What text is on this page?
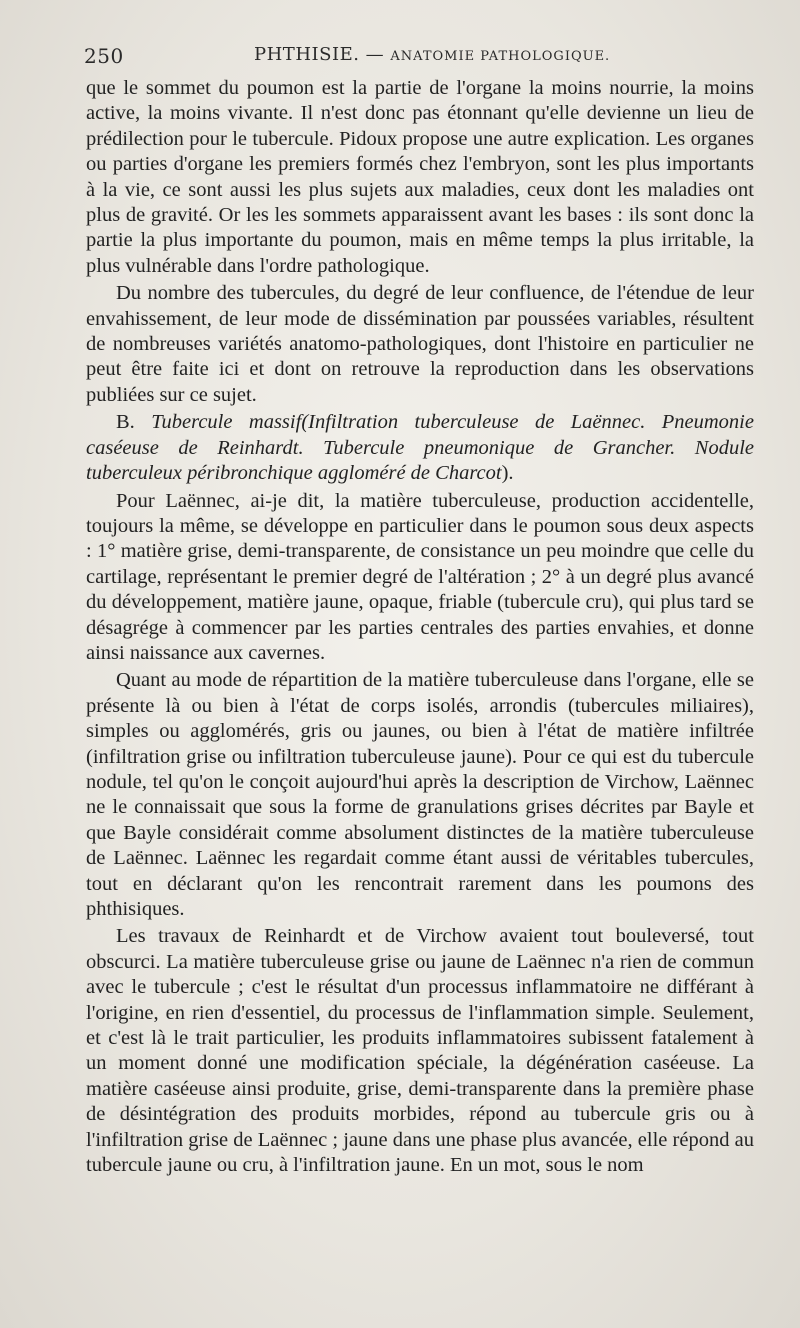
250	PHTHISIE. — ANATOMIE PATHOLOGIQUE.

que le sommet du poumon est la partie de l'organe la moins nourrie, la moins active, la moins vivante. Il n'est donc pas étonnant qu'elle devienne un lieu de prédilection pour le tubercule. Pidoux propose une autre explication. Les organes ou parties d'organe les premiers formés chez l'embryon, sont les plus importants à la vie, ce sont aussi les plus sujets aux maladies, ceux dont les maladies ont plus de gravité. Or les les sommets apparaissent avant les bases : ils sont donc la partie la plus importante du poumon, mais en même temps la plus irritable, la plus vulnérable dans l'ordre pathologique.

Du nombre des tubercules, du degré de leur confluence, de l'étendue de leur envahissement, de leur mode de dissémination par poussées variables, résultent de nombreuses variétés anatomo-pathologiques, dont l'histoire en particulier ne peut être faite ici et dont on retrouve la reproduction dans les observations publiées sur ce sujet.

B. Tubercule massif(Infiltration tuberculeuse de Laënnec. Pneumonie caséeuse de Reinhardt. Tubercule pneumonique de Grancher. Nodule tuberculeux péribronchique aggloméré de Charcot).

Pour Laënnec, ai-je dit, la matière tuberculeuse, production accidentelle, toujours la même, se développe en particulier dans le poumon sous deux aspects : 1° matière grise, demi-transparente, de consistance un peu moindre que celle du cartilage, représentant le premier degré de l'altération ; 2° à un degré plus avancé du développement, matière jaune, opaque, friable (tubercule cru), qui plus tard se désagrége à commencer par les parties centrales des parties envahies, et donne ainsi naissance aux cavernes.

Quant au mode de répartition de la matière tuberculeuse dans l'organe, elle se présente là ou bien à l'état de corps isolés, arrondis (tubercules miliaires), simples ou agglomérés, gris ou jaunes, ou bien à l'état de matière infiltrée (infiltration grise ou infiltration tuberculeuse jaune). Pour ce qui est du tubercule nodule, tel qu'on le conçoit aujourd'hui après la description de Virchow, Laënnec ne le connaissait que sous la forme de granulations grises décrites par Bayle et que Bayle considérait comme absolument distinctes de la matière tuberculeuse de Laënnec. Laënnec les regardait comme étant aussi de véritables tubercules, tout en déclarant qu'on les rencontrait rarement dans les poumons des phthisiques.

Les travaux de Reinhardt et de Virchow avaient tout bouleversé, tout obscurci. La matière tuberculeuse grise ou jaune de Laënnec n'a rien de commun avec le tubercule ; c'est le résultat d'un processus inflammatoire ne différant à l'origine, en rien d'essentiel, du processus de l'inflammation simple. Seulement, et c'est là le trait particulier, les produits inflammatoires subissent fatalement à un moment donné une modification spéciale, la dégénération caséeuse. La matière caséeuse ainsi produite, grise, demi-transparente dans la première phase de désintégration des produits morbides, répond au tubercule gris ou à l'infiltration grise de Laënnec ; jaune dans une phase plus avancée, elle répond au tubercule jaune ou cru, à l'infiltration jaune. En un mot, sous le nom
